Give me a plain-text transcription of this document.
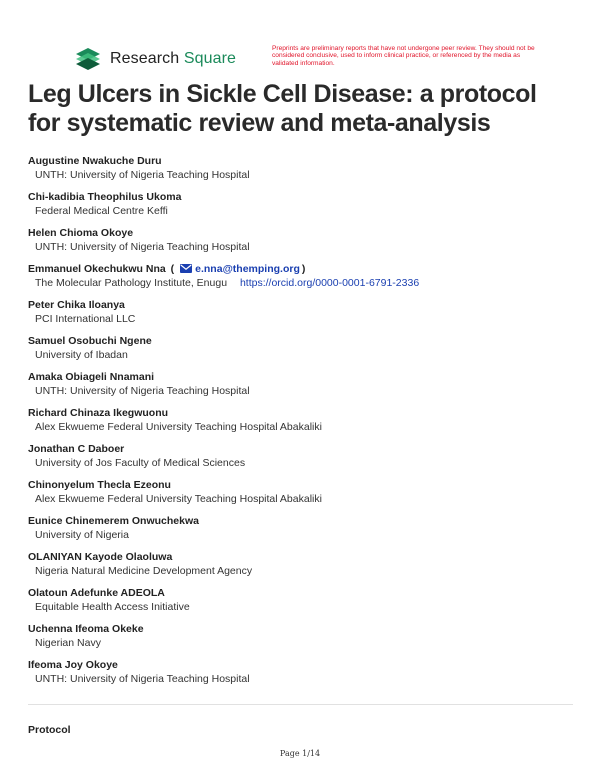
Research Square
Preprints are preliminary reports that have not undergone peer review. They should not be considered conclusive, used to inform clinical practice, or referenced by the media as validated information.
Leg Ulcers in Sickle Cell Disease: a protocol for systematic review and meta-analysis
Augustine Nwakuche Duru
UNTH: University of Nigeria Teaching Hospital
Chi-kadibia Theophilus Ukoma
Federal Medical Centre Keffi
Helen Chioma Okoye
UNTH: University of Nigeria Teaching Hospital
Emmanuel Okechukwu Nna ( e.nna@themping.org )
The Molecular Pathology Institute, Enugu https://orcid.org/0000-0001-6791-2336
Peter Chika Iloanya
PCI International LLC
Samuel Osobuchi Ngene
University of Ibadan
Amaka Obiageli Nnamani
UNTH: University of Nigeria Teaching Hospital
Richard Chinaza Ikegwuonu
Alex Ekwueme Federal University Teaching Hospital Abakaliki
Jonathan C Daboer
University of Jos Faculty of Medical Sciences
Chinonyelum Thecla Ezeonu
Alex Ekwueme Federal University Teaching Hospital Abakaliki
Eunice Chinemerem Onwuchekwa
University of Nigeria
OLANIYAN Kayode Olaoluwa
Nigeria Natural Medicine Development Agency
Olatoun Adefunke ADEOLA
Equitable Health Access Initiative
Uchenna Ifeoma Okeke
Nigerian Navy
Ifeoma Joy Okoye
UNTH: University of Nigeria Teaching Hospital
Protocol
Page 1/14
